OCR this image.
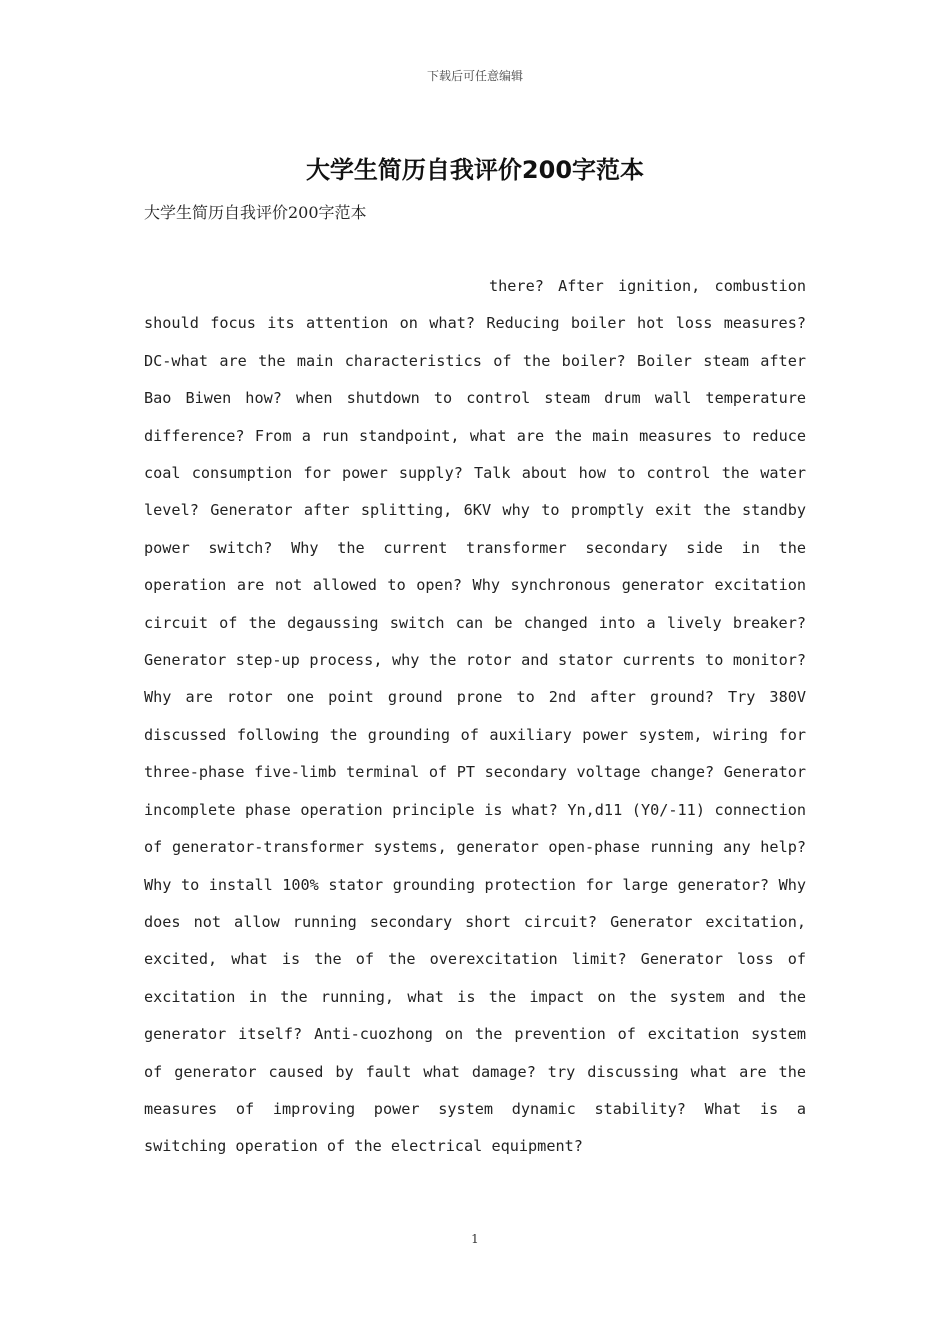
下载后可任意编辑
大学生简历自我评价200字范本
大学生简历自我评价200字范本

there? After ignition, combustion should focus its attention on what? Reducing boiler hot loss measures? DC-what are the main characteristics of the boiler? Boiler steam after Bao Biwen how? when shutdown to control steam drum wall temperature difference? From a run standpoint, what are the main measures to reduce coal consumption for power supply? Talk about how to control the water level? Generator after splitting, 6KV why to promptly exit the standby power switch? Why the current transformer secondary side in the operation are not allowed to open? Why synchronous generator excitation circuit of the degaussing switch can be changed into a lively breaker? Generator step-up process, why the rotor and stator currents to monitor? Why are rotor one point ground prone to 2nd after ground? Try 380V discussed following the grounding of auxiliary power system, wiring for three-phase five-limb terminal of PT secondary voltage change? Generator incomplete phase operation principle is what? Yn,d11 (Y0/-11) connection of generator-transformer systems, generator open-phase running any help? Why to install 100% stator grounding protection for large generator? Why does not allow running secondary short circuit? Generator excitation, excited, what is the of the overexcitation limit? Generator loss of excitation in the running, what is the impact on the system and the generator itself? Anti-cuozhong on the prevention of excitation system of generator caused by fault what damage? try discussing what are the measures of improving power system dynamic stability? What is a switching operation of the electrical equipment?

1
